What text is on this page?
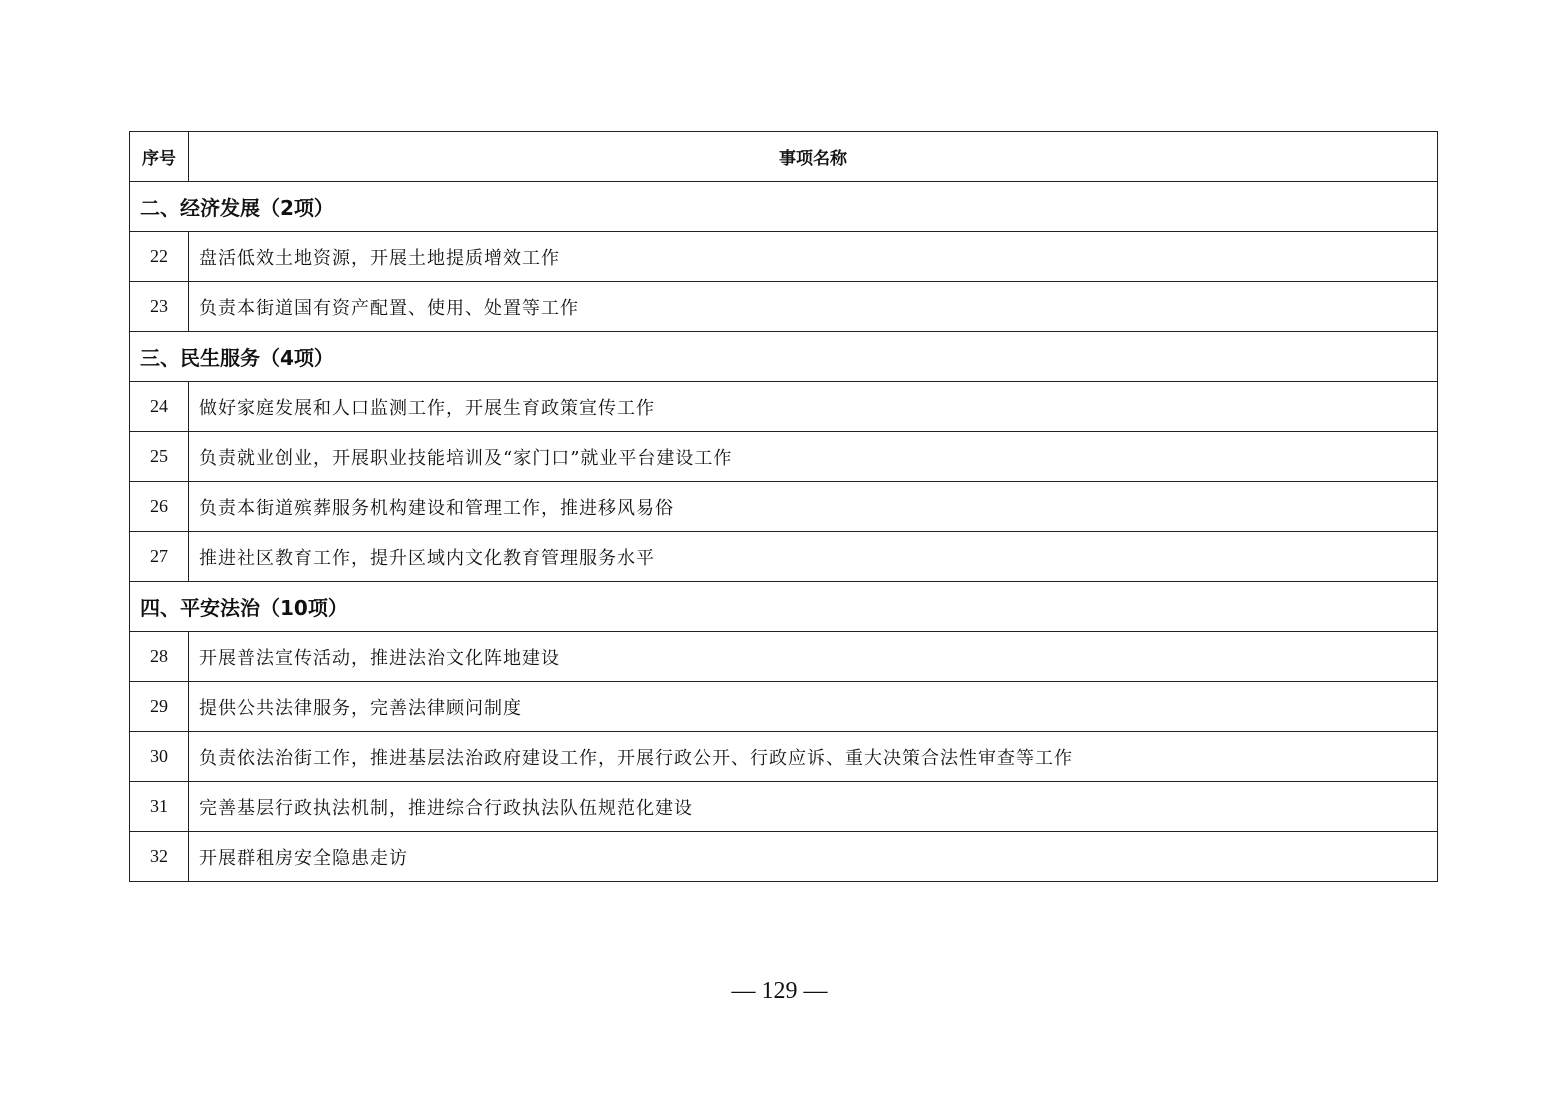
序号	事项名称
二、经济发展（2项）	
22	盘活低效土地资源，开展土地提质增效工作
23	负责本街道国有资产配置、使用、处置等工作
三、民生服务（4项）	
24	做好家庭发展和人口监测工作，开展生育政策宣传工作
25	负责就业创业，开展职业技能培训及“家门口”就业平台建设工作
26	负责本街道殡葬服务机构建设和管理工作，推进移风易俗
27	推进社区教育工作，提升区域内文化教育管理服务水平
四、平安法治（10项）	
28	开展普法宣传活动，推进法治文化阵地建设
29	提供公共法律服务，完善法律顾问制度
30	负责依法治街工作，推进基层法治政府建设工作，开展行政公开、行政应诉、重大决策合法性审查等工作
31	完善基层行政执法机制，推进综合行政执法队伍规范化建设
32	开展群租房安全隐患走访
— 129 —
